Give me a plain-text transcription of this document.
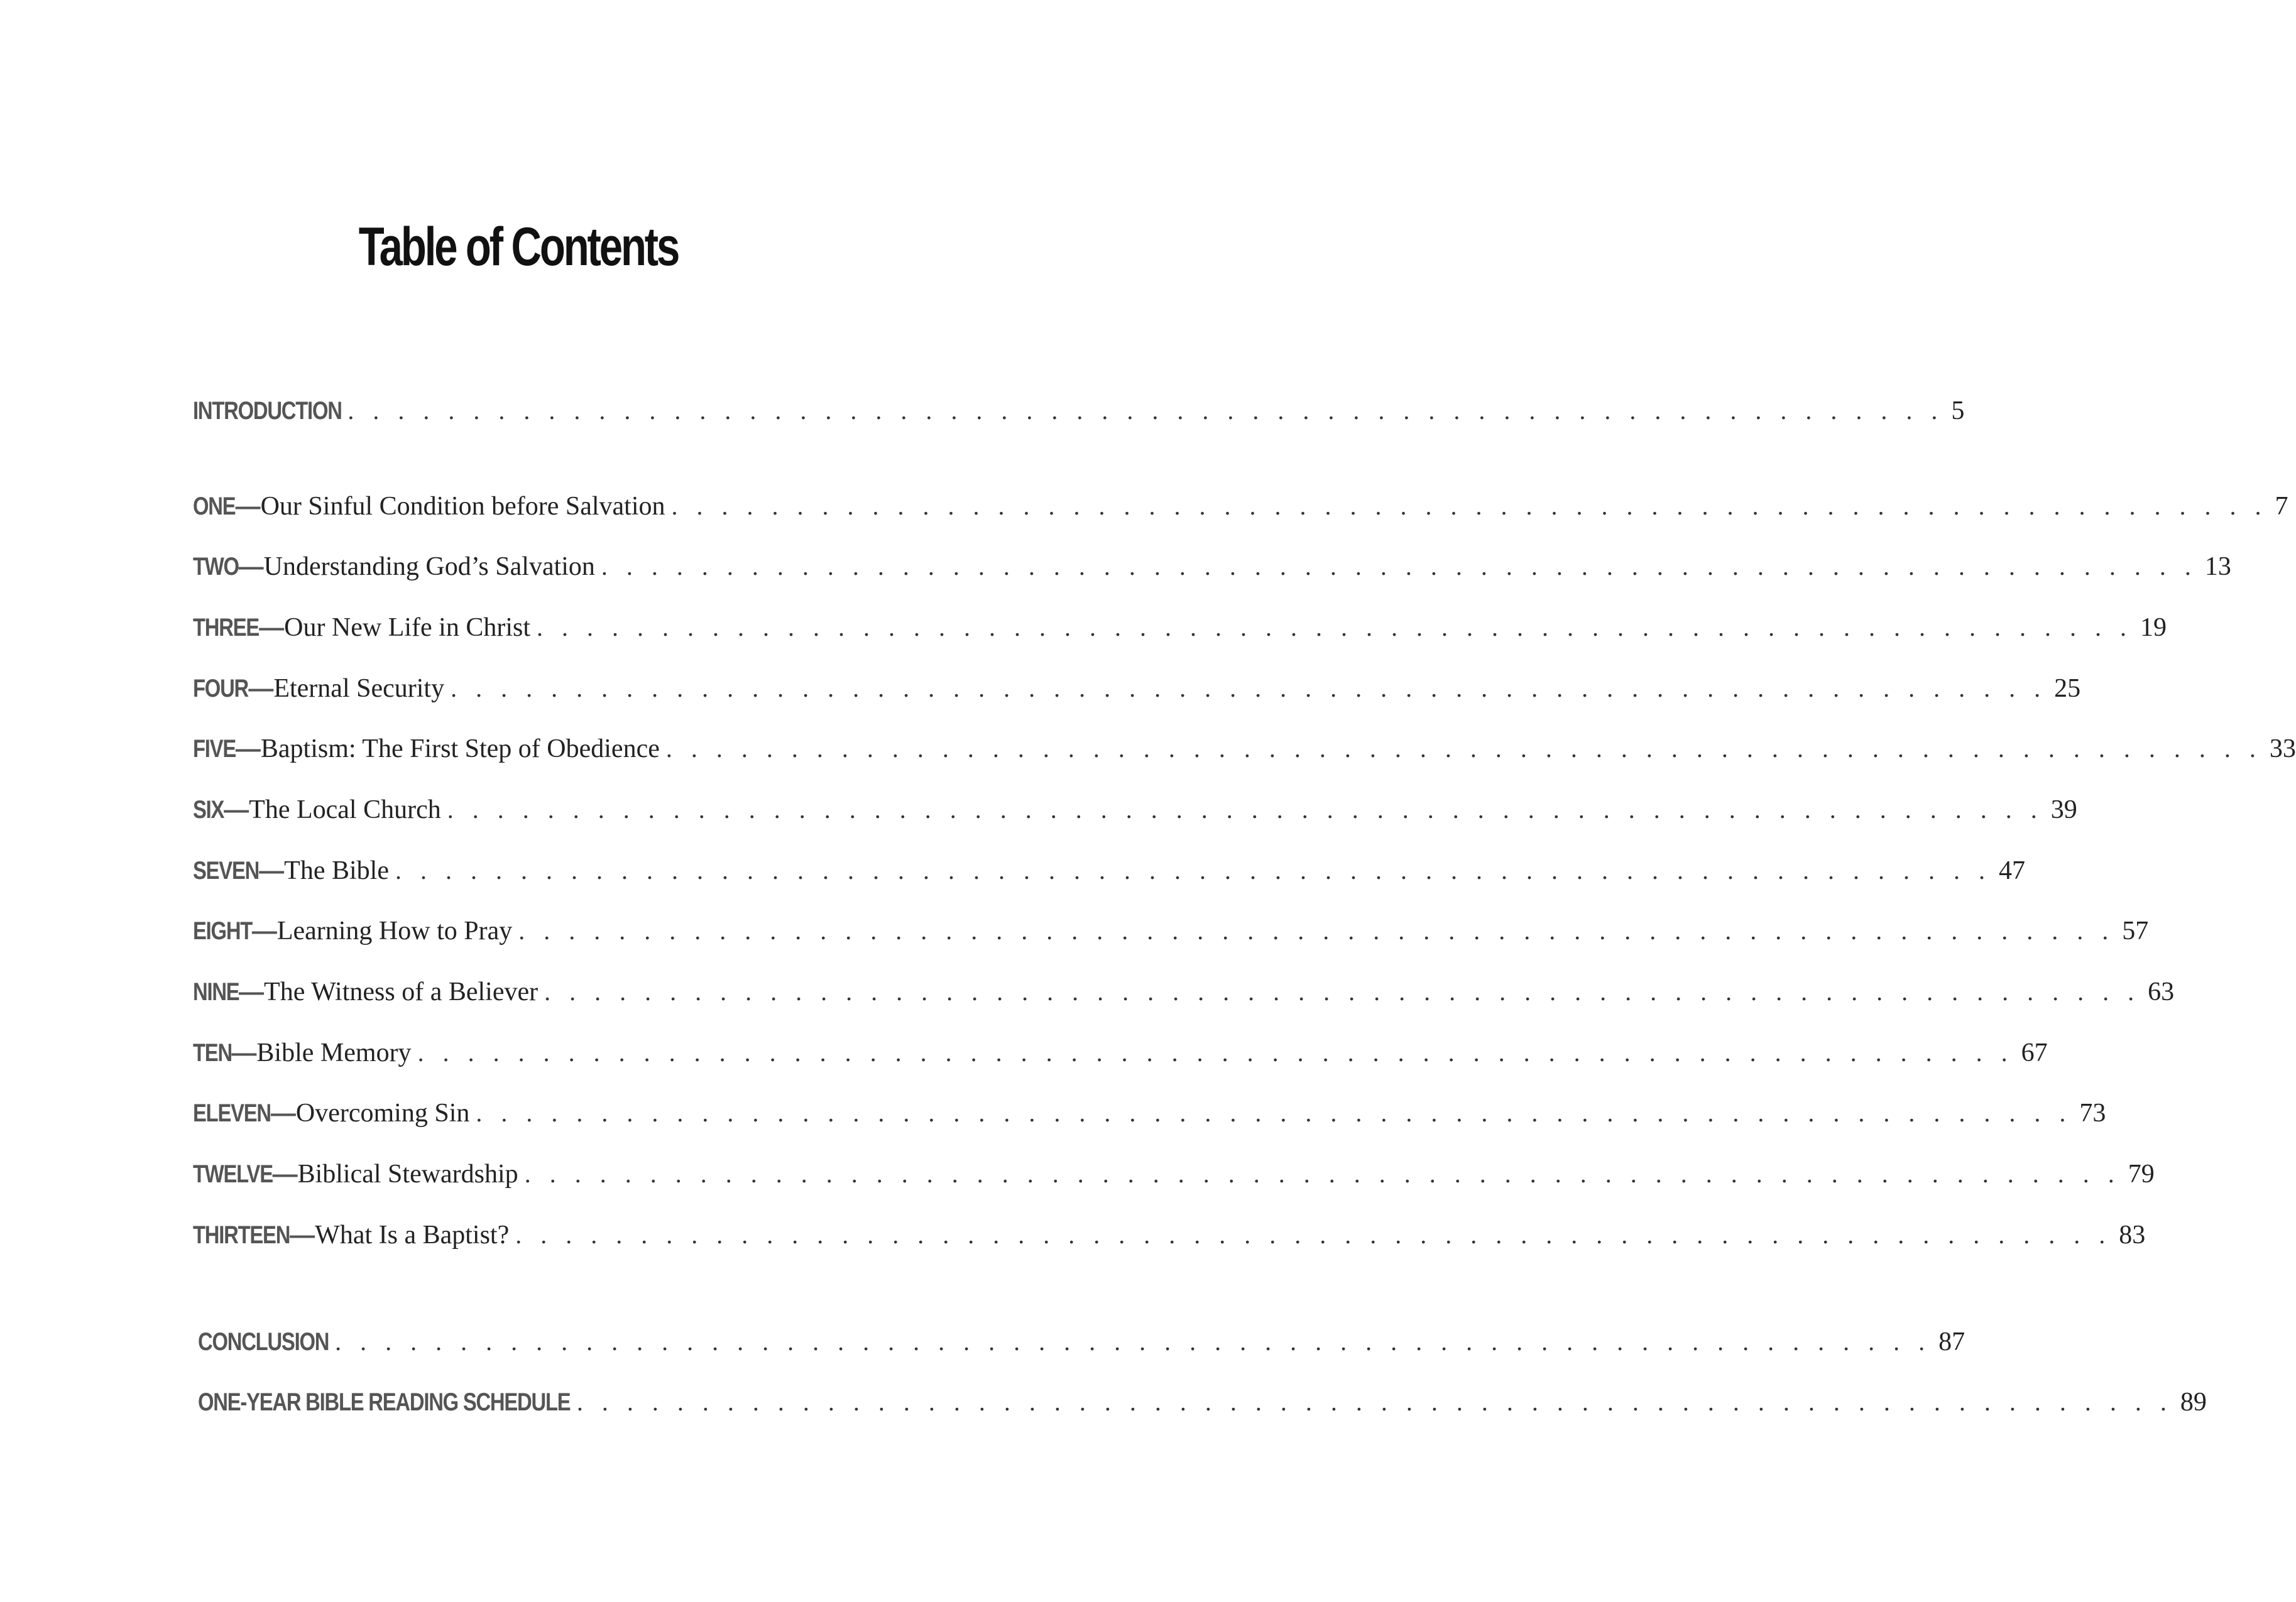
Table of Contents
INTRODUCTION . . . . . . . . . . . . . . . . . . . . . . . . . . . . . . . . . . . . . . . . . . . . . . . . . . . . . . . . . . . . . . . . 5
ONE — Our Sinful Condition before Salvation . . . . . . . . . . . . . . . . . . . . . . . . . . . . . . . . . . . . . . . . . . . . . . . . . . . . . . . . . . . . . . . . 7
TWO — Understanding God’s Salvation . . . . . . . . . . . . . . . . . . . . . . . . . . . . . . . . . . . . . . . . . . . . . . . . . . . . . . . . . . . . . . . . 13
THREE — Our New Life in Christ . . . . . . . . . . . . . . . . . . . . . . . . . . . . . . . . . . . . . . . . . . . . . . . . . . . . . . . . . . . . . . . . 19
FOUR — Eternal Security . . . . . . . . . . . . . . . . . . . . . . . . . . . . . . . . . . . . . . . . . . . . . . . . . . . . . . . . . . . . . . . . 25
FIVE — Baptism: The First Step of Obedience . . . . . . . . . . . . . . . . . . . . . . . . . . . . . . . . . . . . . . . . . . . . . . . . . . . . . . . . . . . . . . . . 33
SIX — The Local Church . . . . . . . . . . . . . . . . . . . . . . . . . . . . . . . . . . . . . . . . . . . . . . . . . . . . . . . . . . . . . . . . 39
SEVEN — The Bible . . . . . . . . . . . . . . . . . . . . . . . . . . . . . . . . . . . . . . . . . . . . . . . . . . . . . . . . . . . . . . . . 47
EIGHT — Learning How to Pray . . . . . . . . . . . . . . . . . . . . . . . . . . . . . . . . . . . . . . . . . . . . . . . . . . . . . . . . . . . . . . . . 57
NINE — The Witness of a Believer . . . . . . . . . . . . . . . . . . . . . . . . . . . . . . . . . . . . . . . . . . . . . . . . . . . . . . . . . . . . . . . . 63
TEN — Bible Memory . . . . . . . . . . . . . . . . . . . . . . . . . . . . . . . . . . . . . . . . . . . . . . . . . . . . . . . . . . . . . . . . 67
ELEVEN — Overcoming Sin . . . . . . . . . . . . . . . . . . . . . . . . . . . . . . . . . . . . . . . . . . . . . . . . . . . . . . . . . . . . . . . . 73
TWELVE — Biblical Stewardship . . . . . . . . . . . . . . . . . . . . . . . . . . . . . . . . . . . . . . . . . . . . . . . . . . . . . . . . . . . . . . . . 79
THIRTEEN — What Is a Baptist? . . . . . . . . . . . . . . . . . . . . . . . . . . . . . . . . . . . . . . . . . . . . . . . . . . . . . . . . . . . . . . . . 83
CONCLUSION . . . . . . . . . . . . . . . . . . . . . . . . . . . . . . . . . . . . . . . . . . . . . . . . . . . . . . . . . . . . . . . . 87
ONE-YEAR BIBLE READING SCHEDULE . . . . . . . . . . . . . . . . . . . . . . . . . . . . . . . . . . . . . . . . . . . . . . . . . . . . . . . . . . . . . . . . 89
